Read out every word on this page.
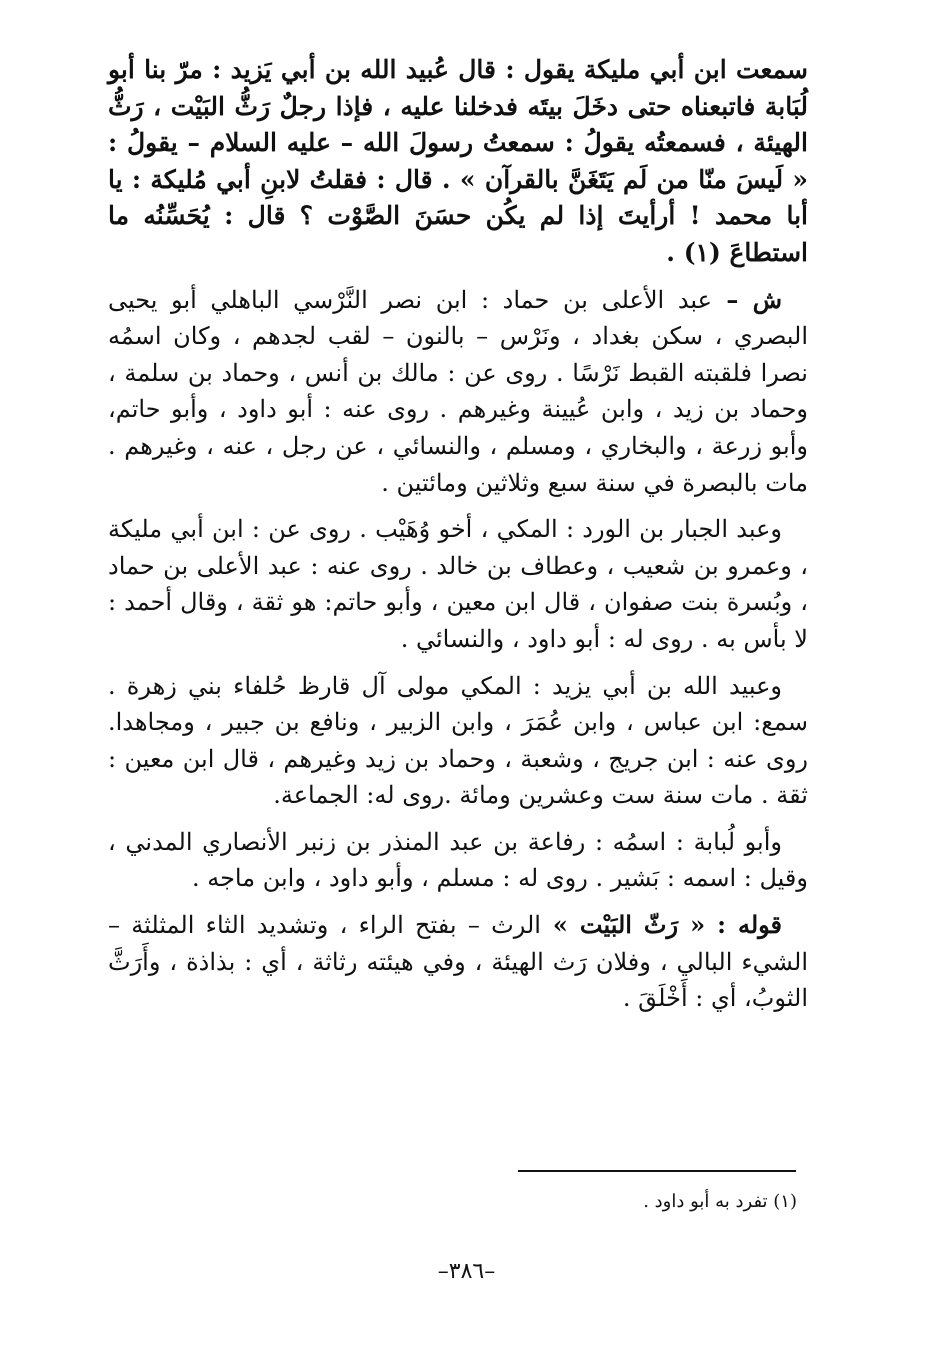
سمعت ابن أبي مليكة يقول : قال عُبيد الله بن أبي يَزيد : مرّ بنا أبو لُبَابة فاتبعناه حتى دخَلَ بيتَه فدخلنا عليه ، فإذا رجلٌ رَثُّ البَيْت ، رَثُّ الهيئة ، فسمعتُه يقولُ : سمعتُ رسولَ الله – عليه السلام – يقولُ : « لَيسَ منّا من لَم يَتَغَنَّ بالقرآن » . قال : فقلتُ لابنِ أبي مُليكة : يا أبا محمد ! أرأيتَ إذا لم يكُن حسَنَ الصَّوْت ؟ قال : يُحَسِّنُه ما استطاعَ (١) .

ش – عبد الأعلى بن حماد : ابن نصر النَّرْسي الباهلي أبو يحيى البصري ، سكن بغداد ، ونَرْس – بالنون – لقب لجدهم ، وكان اسمُه نصرا فلقبته القبط نَرْسًا . روى عن : مالك بن أنس ، وحماد بن سلمة ، وحماد بن زيد ، وابن عُيينة وغيرهم . روى عنه : أبو داود ، وأبو حاتم، وأبو زرعة ، والبخاري ، ومسلم ، والنسائي ، عن رجل ، عنه ، وغيرهم . مات بالبصرة في سنة سبع وثلاثين ومائتين .

وعبد الجبار بن الورد : المكي ، أخو وُهَيْب . روى عن : ابن أبي مليكة ، وعمرو بن شعيب ، وعطاف بن خالد . روى عنه : عبد الأعلى بن حماد ، وبُسرة بنت صفوان ، قال ابن معين ، وأبو حاتم: هو ثقة ، وقال أحمد : لا بأس به . روى له : أبو داود ، والنسائي .

وعبيد الله بن أبي يزيد : المكي مولى آل قارظ حُلفاء بني زهرة . سمع: ابن عباس ، وابن عُمَرَ ، وابن الزبير ، ونافع بن جبير ، ومجاهدا. روى عنه : ابن جريج ، وشعبة ، وحماد بن زيد وغيرهم ، قال ابن معين : ثقة . مات سنة ست وعشرين ومائة .روى له: الجماعة.

وأبو لُبابة : اسمُه : رفاعة بن عبد المنذر بن زنبر الأنصاري المدني ، وقيل : اسمه : بَشير . روى له : مسلم ، وأبو داود ، وابن ماجه .

قوله : « رَثّ البَيْت » الرث – بفتح الراء ، وتشديد الثاء المثلثة – الشيء البالي ، وفلان رَث الهيئة ، وفي هيئته رثاثة ، أي : بذاذة ، وأَرَثَّ الثوبُ، أي : أَخْلَقَ .

(١) تفرد به أبو داود .
–٣٨٦–
